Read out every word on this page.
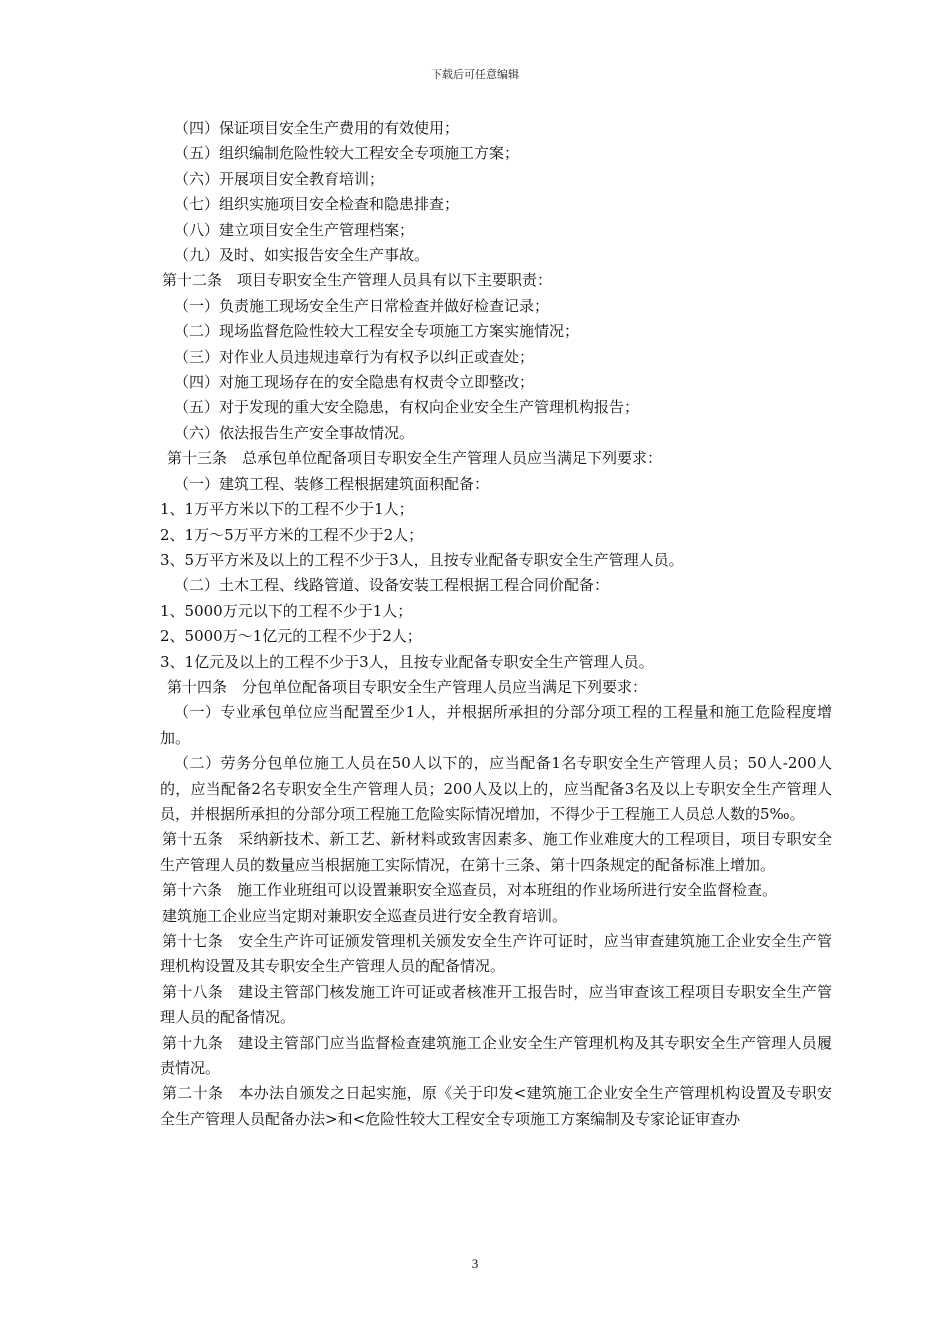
下载后可任意编辑
（四）保证项目安全生产费用的有效使用；
（五）组织编制危险性较大工程安全专项施工方案；
（六）开展项目安全教育培训；
（七）组织实施项目安全检查和隐患排查；
（八）建立项目安全生产管理档案；
（九）及时、如实报告安全生产事故。
第十二条　项目专职安全生产管理人员具有以下主要职责：
（一）负责施工现场安全生产日常检查并做好检查记录；
（二）现场监督危险性较大工程安全专项施工方案实施情况；
（三）对作业人员违规违章行为有权予以纠正或查处；
（四）对施工现场存在的安全隐患有权责令立即整改；
（五）对于发现的重大安全隐患，有权向企业安全生产管理机构报告；
（六）依法报告生产安全事故情况。
第十三条　总承包单位配备项目专职安全生产管理人员应当满足下列要求：
（一）建筑工程、装修工程根据建筑面积配备：
1、1万平方米以下的工程不少于1人；
2、1万～5万平方米的工程不少于2人；
3、5万平方米及以上的工程不少于3人，且按专业配备专职安全生产管理人员。
（二）土木工程、线路管道、设备安装工程根据工程合同价配备：
1、5000万元以下的工程不少于1人；
2、5000万～1亿元的工程不少于2人；
3、1亿元及以上的工程不少于3人，且按专业配备专职安全生产管理人员。
第十四条　分包单位配备项目专职安全生产管理人员应当满足下列要求：
（一）专业承包单位应当配置至少1人，并根据所承担的分部分项工程的工程量和施工危险程度增加。
（二）劳务分包单位施工人员在50人以下的，应当配备1名专职安全生产管理人员；50人-200人的，应当配备2名专职安全生产管理人员；200人及以上的，应当配备3名及以上专职安全生产管理人员，并根据所承担的分部分项工程施工危险实际情况增加，不得少于工程施工人员总人数的5‰。
第十五条　采纳新技术、新工艺、新材料或致害因素多、施工作业难度大的工程项目，项目专职安全生产管理人员的数量应当根据施工实际情况，在第十三条、第十四条规定的配备标准上增加。
第十六条　施工作业班组可以设置兼职安全巡查员，对本班组的作业场所进行安全监督检查。
建筑施工企业应当定期对兼职安全巡查员进行安全教育培训。
第十七条　安全生产许可证颁发管理机关颁发安全生产许可证时，应当审查建筑施工企业安全生产管理机构设置及其专职安全生产管理人员的配备情况。
第十八条　建设主管部门核发施工许可证或者核准开工报告时，应当审查该工程项目专职安全生产管理人员的配备情况。
第十九条　建设主管部门应当监督检查建筑施工企业安全生产管理机构及其专职安全生产管理人员履责情况。
第二十条　本办法自颁发之日起实施，原《关于印发<建筑施工企业安全生产管理机构设置及专职安全生产管理人员配备办法>和<危险性较大工程安全专项施工方案编制及专家论证审查办
3
